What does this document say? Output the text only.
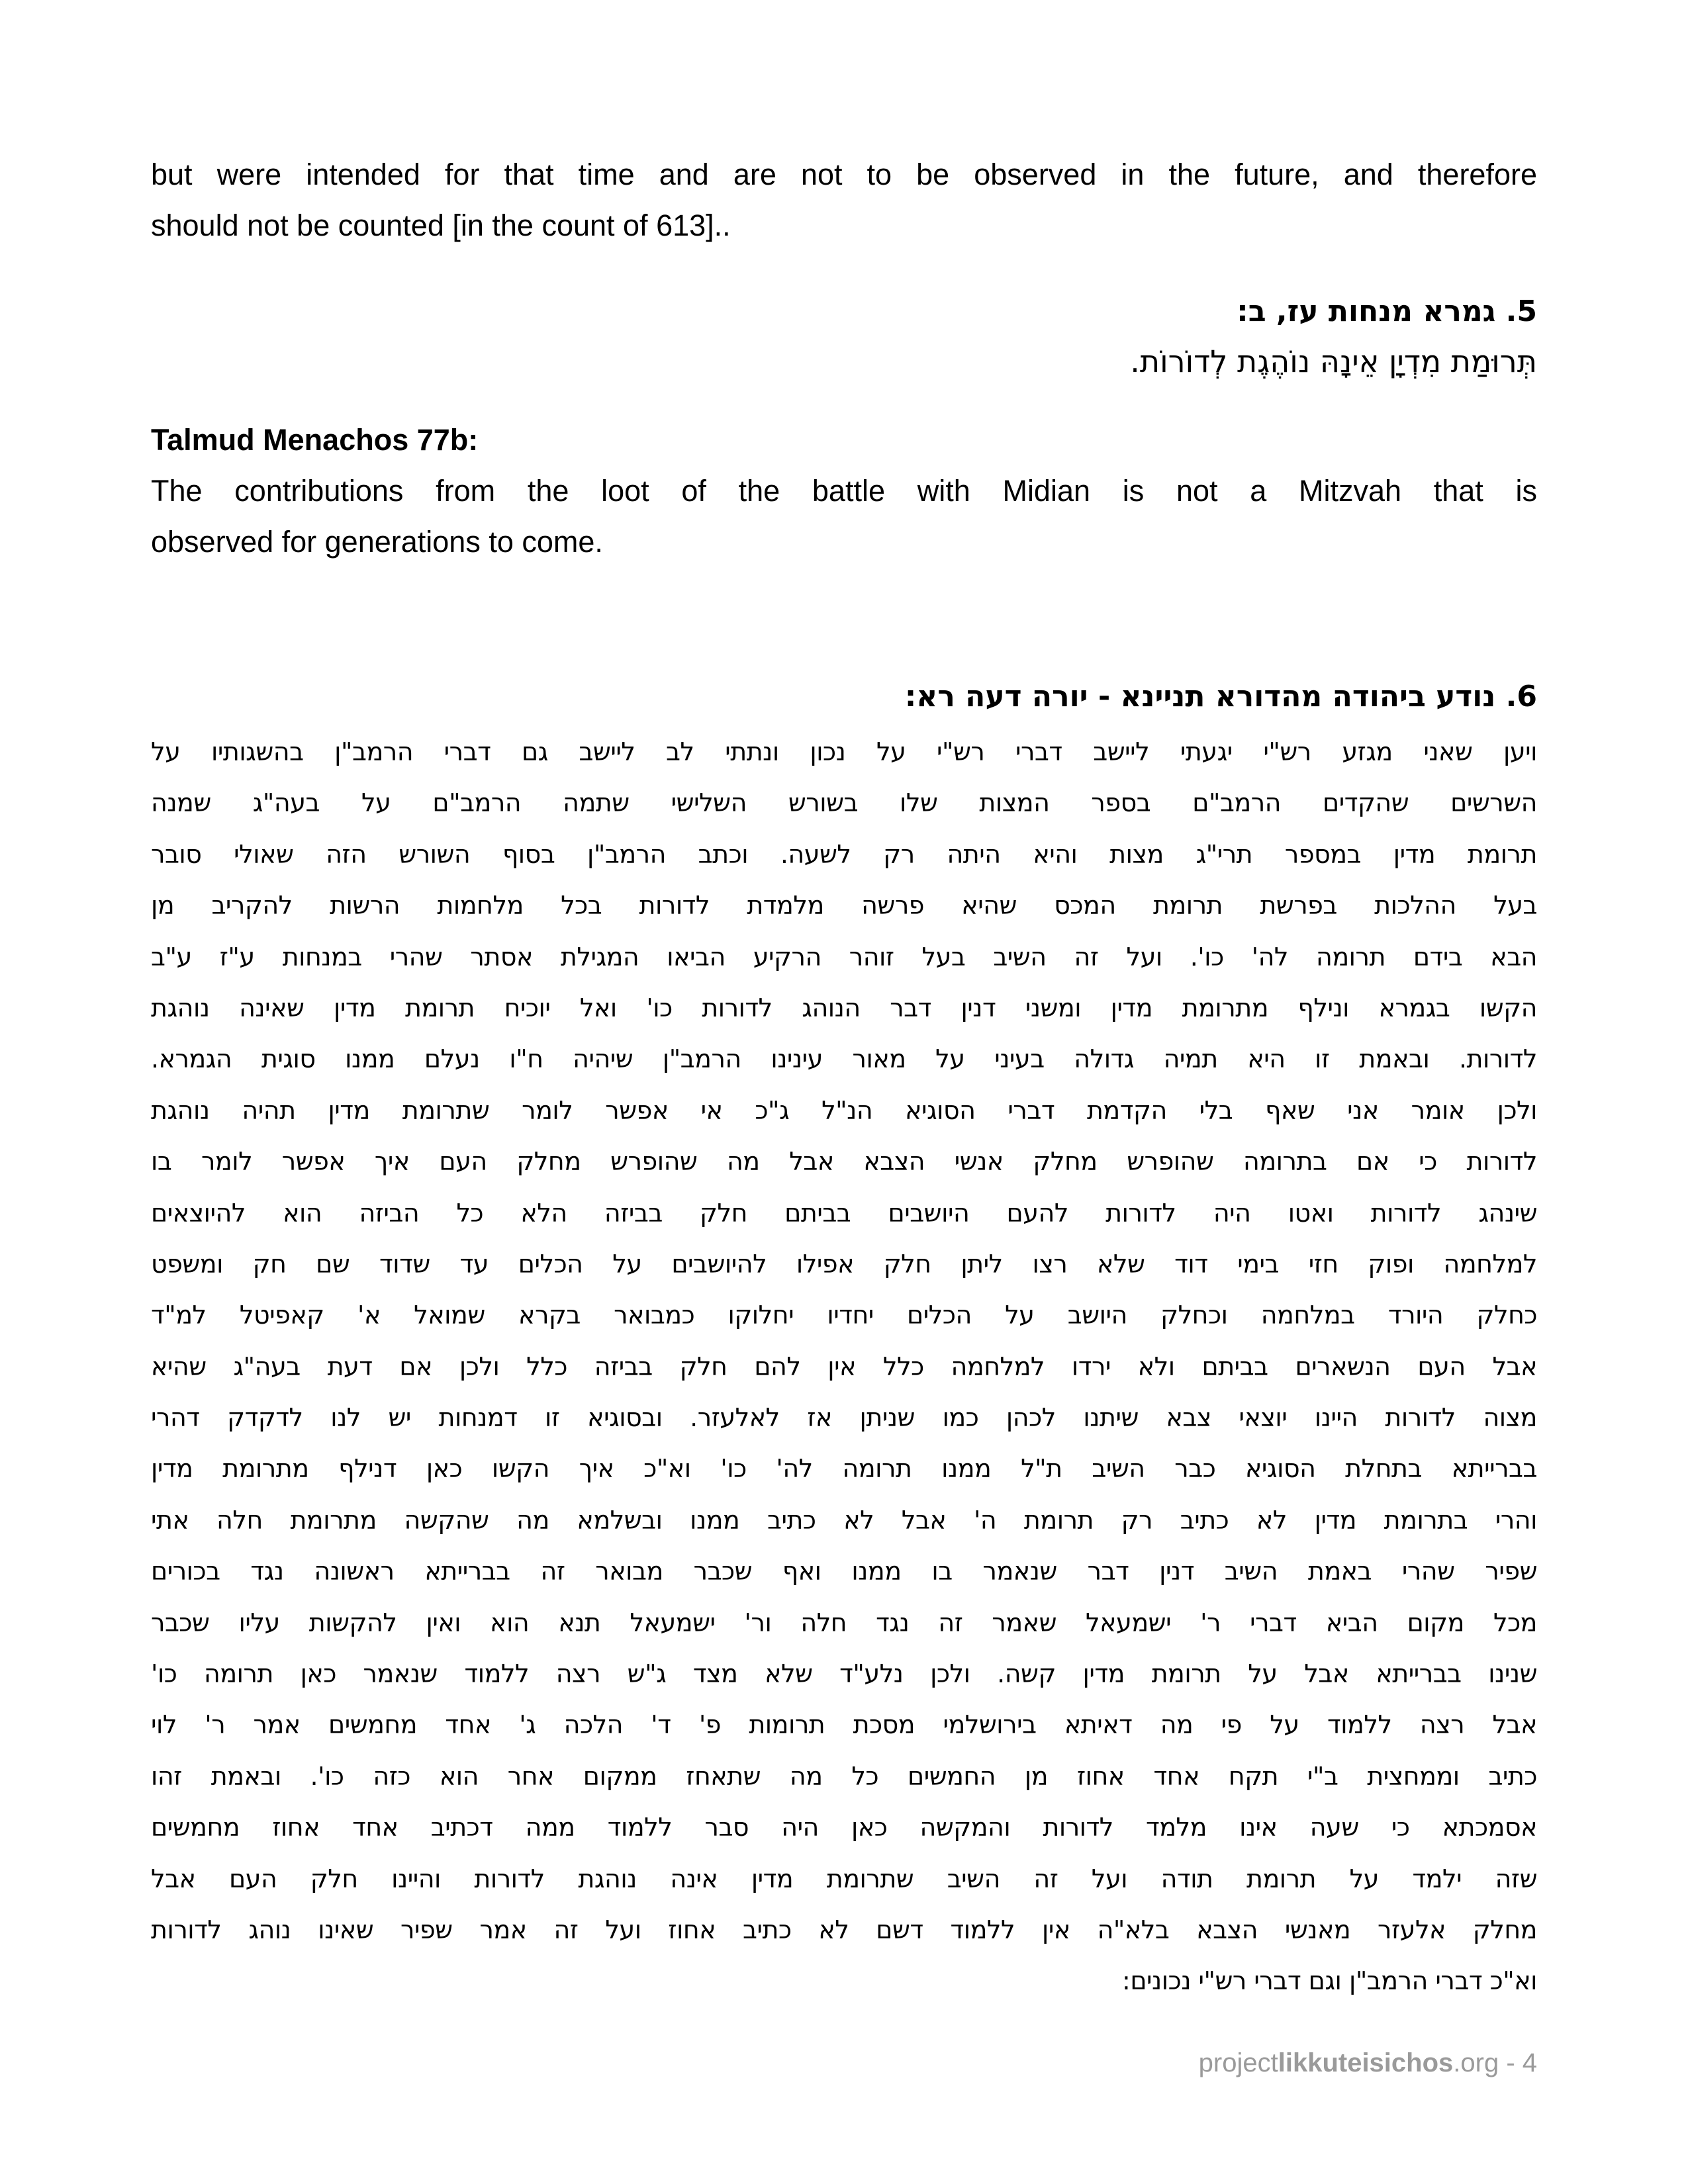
but were intended for that time and are not to be observed in the future, and therefore
should not be counted [in the count of 613]..
5. גמרא מנחות עז, ב:
תְּרוּמַת מִדְיָן אֵינָהּ נוֹהֶגֶת לְדוֹרוֹת.
Talmud Menachos 77b:
The contributions from the loot of the battle with Midian is not a Mitzvah that is
observed for generations to come.
6. נודע ביהודה מהדורא תניינא - יורה דעה רא:
ויען שאני מגזע רש"י יגעתי ליישב דברי רש"י על נכון ונתתי לב ליישב גם דברי הרמב"ן בהשגותיו על
השרשים שהקדים הרמב"ם בספר המצות שלו בשורש השלישי שתמה הרמב"ם על בעה"ג שמנה
תרומת מדין במספר תרי"ג מצות והיא היתה רק לשעה. וכתב הרמב"ן בסוף השורש הזה שאולי סובר
בעל ההלכות בפרשת תרומת המכס שהיא פרשה מלמדת לדורות בכל מלחמות הרשות להקריב מן
הבא בידם תרומה לה' כו'. ועל זה השיב בעל זוהר הרקיע הביאו המגילת אסתר שהרי במנחות ע"ז ע"ב
הקשו בגמרא ונילף מתרומת מדין ומשני דנין דבר הנוהג לדורות כו' ואל יוכיח תרומת מדין שאינה נוהגת
לדורות. ובאמת זו היא תמיה גדולה בעיני על מאור עינינו הרמב"ן שיהיה ח"ו נעלם ממנו סוגית הגמרא.
ולכן אומר אני שאף בלי הקדמת דברי הסוגיא הנ"ל ג"כ אי אפשר לומר שתרומת מדין תהיה נוהגת
לדורות כי אם בתרומה שהופרש מחלק אנשי הצבא אבל מה שהופרש מחלק העם איך אפשר לומר בו
שינהג לדורות ואטו היה לדורות להעם היושבים בביתם חלק בביזה הלא כל הביזה הוא להיוצאים
למלחמה ופוק חזי בימי דוד שלא רצו ליתן חלק אפילו להיושבים על הכלים עד שדוד שם חק ומשפט
כחלק היורד במלחמה וכחלק היושב על הכלים יחדיו יחלוקו כמבואר בקרא שמואל א' קאפיטל למ"ד
אבל העם הנשארים בביתם ולא ירדו למלחמה כלל אין להם חלק בביזה כלל ולכן אם דעת בעה"ג שהיא
מצוה לדורות היינו יוצאי צבא שיתנו לכהן כמו שניתן אז לאלעזר. ובסוגיא זו דמנחות יש לנו לדקדק דהרי
בברייתא בתחלת הסוגיא כבר השיב ת"ל ממנו תרומה לה' כו' וא"כ איך הקשו כאן דנילף מתרומת מדין
והרי בתרומת מדין לא כתיב רק תרומת ה' אבל לא כתיב ממנו ובשלמא מה שהקשה מתרומת חלה אתי
שפיר שהרי באמת השיב דנין דבר שנאמר בו ממנו ואף שכבר מבואר זה בברייתא ראשונה נגד בכורים
מכל מקום הביא דברי ר' ישמעאל שאמר זה נגד חלה ור' ישמעאל תנא הוא ואין להקשות עליו שכבר
שנינו בברייתא אבל על תרומת מדין קשה. ולכן נלע"ד שלא מצד ג"ש רצה ללמוד שנאמר כאן תרומה כו'
אבל רצה ללמוד על פי מה דאיתא בירושלמי מסכת תרומות פ' ד' הלכה ג' אחד מחמשים אמר ר' לוי
כתיב וממחצית ב"י תקח אחד אחוז מן החמשים כל מה שתאחז ממקום אחר הוא כזה כו'. ובאמת זהו
אסמכתא כי שעה אינו מלמד לדורות והמקשה כאן היה סבר ללמוד ממה דכתיב אחד אחוז מחמשים
שזה ילמד על תרומת תודה ועל זה השיב שתרומת מדין אינה נוהגת לדורות והיינו חלק העם אבל
מחלק אלעזר מאנשי הצבא בלא"ה אין ללמוד דשם לא כתיב אחוז ועל זה אמר שפיר שאינו נוהג לדורות
וא"כ דברי הרמב"ן וגם דברי רש"י נכונים:
projectlikkuteisichos.org - 4
